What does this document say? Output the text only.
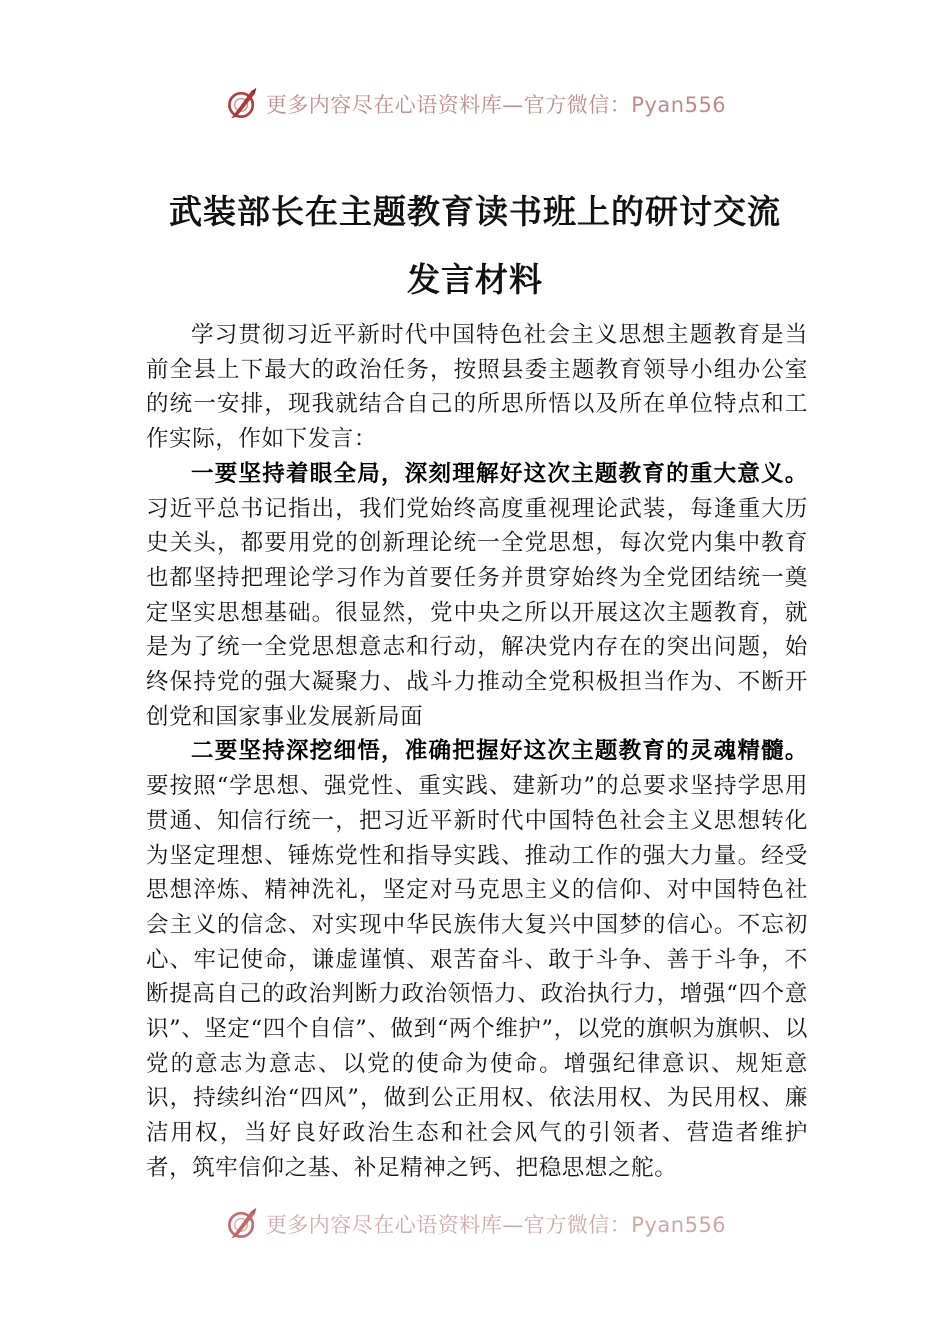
更多内容尽在心语资料库—官方微信：Pyan556
武装部长在主题教育读书班上的研讨交流
发言材料

学习贯彻习近平新时代中国特色社会主义思想主题教育是当前全县上下最大的政治任务，按照县委主题教育领导小组办公室的统一安排，现我就结合自己的所思所悟以及所在单位特点和工作实际，作如下发言：

一要坚持着眼全局，深刻理解好这次主题教育的重大意义。习近平总书记指出，我们党始终高度重视理论武装，每逢重大历史关头，都要用党的创新理论统一全党思想，每次党内集中教育也都坚持把理论学习作为首要任务并贯穿始终为全党团结统一奠定坚实思想基础。很显然，党中央之所以开展这次主题教育，就是为了统一全党思想意志和行动，解决党内存在的突出问题，始终保持党的强大凝聚力、战斗力推动全党积极担当作为、不断开创党和国家事业发展新局面

二要坚持深挖细悟，准确把握好这次主题教育的灵魂精髓。要按照“学思想、强党性、重实践、建新功”的总要求坚持学思用贯通、知信行统一，把习近平新时代中国特色社会主义思想转化为坚定理想、锤炼党性和指导实践、推动工作的强大力量。经受思想淬炼、精神洗礼，坚定对马克思主义的信仰、对中国特色社会主义的信念、对实现中华民族伟大复兴中国梦的信心。不忘初心、牢记使命，谦虚谨慎、艰苦奋斗、敢于斗争、善于斗争，不断提高自己的政治判断力政治领悟力、政治执行力，增强“四个意识”、坚定“四个自信”、做到“两个维护”，以党的旗帜为旗帜、以党的意志为意志、以党的使命为使命。增强纪律意识、规矩意识，持续纠治“四风”，做到公正用权、依法用权、为民用权、廉洁用权，当好良好政治生态和社会风气的引领者、营造者维护者，筑牢信仰之基、补足精神之钙、把稳思想之舵。

更多内容尽在心语资料库—官方微信：Pyan556
